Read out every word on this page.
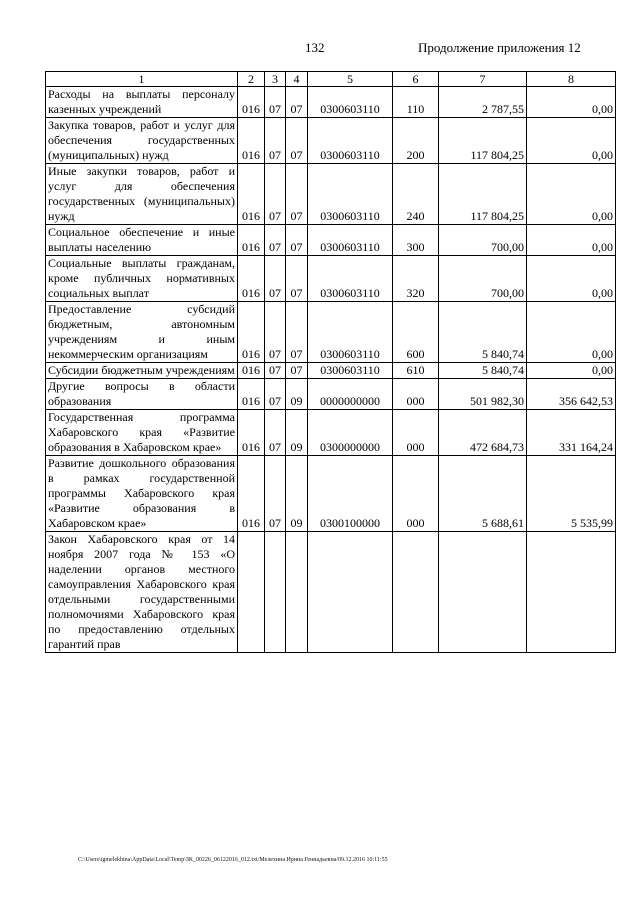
132	Продолжение приложения 12
1	2	3	4	5	6	7	8
Расходы на выплаты персоналу казенных учреждений	016	07	07	0300603110	110	2 787,55	0,00
Закупка товаров, работ и услуг для обеспечения государственных (муниципальных) нужд	016	07	07	0300603110	200	117 804,25	0,00
Иные закупки товаров, работ и услуг для обеспечения государственных (муниципальных) нужд	016	07	07	0300603110	240	117 804,25	0,00
Социальное обеспечение и иные выплаты населению	016	07	07	0300603110	300	700,00	0,00
Социальные выплаты гражданам, кроме публичных нормативных социальных выплат	016	07	07	0300603110	320	700,00	0,00
Предоставление субсидий бюджетным, автономным учреждениям и иным некоммерческим организациям	016	07	07	0300603110	600	5 840,74	0,00
Субсидии бюджетным учреждениям	016	07	07	0300603110	610	5 840,74	0,00
Другие вопросы в области образования	016	07	09	0000000000	000	501 982,30	356 642,53
Государственная программа Хабаровского края «Развитие образования в Хабаровском крае»	016	07	09	0300000000	000	472 684,73	331 164,24
Развитие дошкольного образования в рамках государственной программы Хабаровского края «Развитие образования в Хабаровском крае»	016	07	09	0300100000	000	5 688,61	5 535,99
Закон Хабаровского края от 14 ноября 2007 года № 153 «О наделении органов местного самоуправления Хабаровского края отдельными государственными полномочиями Хабаровского края по предоставлению отдельных гарантий прав							
C:\Users\igmelekhina\AppData\Local\Temp\ЗК_00226_06122016_012.txt/Мелехина Ирина Геннадьевна/09.12.2016 10:11:55
